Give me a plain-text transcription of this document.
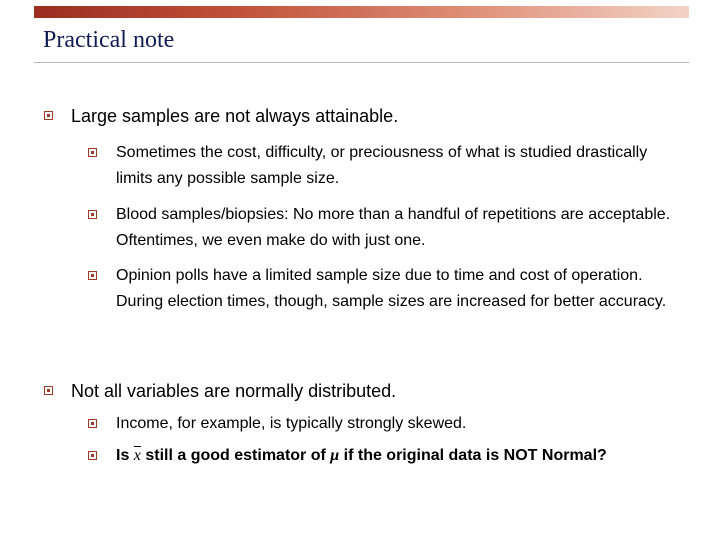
Practical note
Large samples are not always attainable.
Sometimes the cost, difficulty, or preciousness of what is studied drastically limits any possible sample size.
Blood samples/biopsies: No more than a handful of repetitions are acceptable. Oftentimes, we even make do with just one.
Opinion polls have a limited sample size due to time and cost of operation. During election times, though, sample sizes are increased for better accuracy.
Not all variables are normally distributed.
Income, for example, is typically strongly skewed.
Is $\overline{x}$ still a good estimator of μ if the original data is NOT Normal?
